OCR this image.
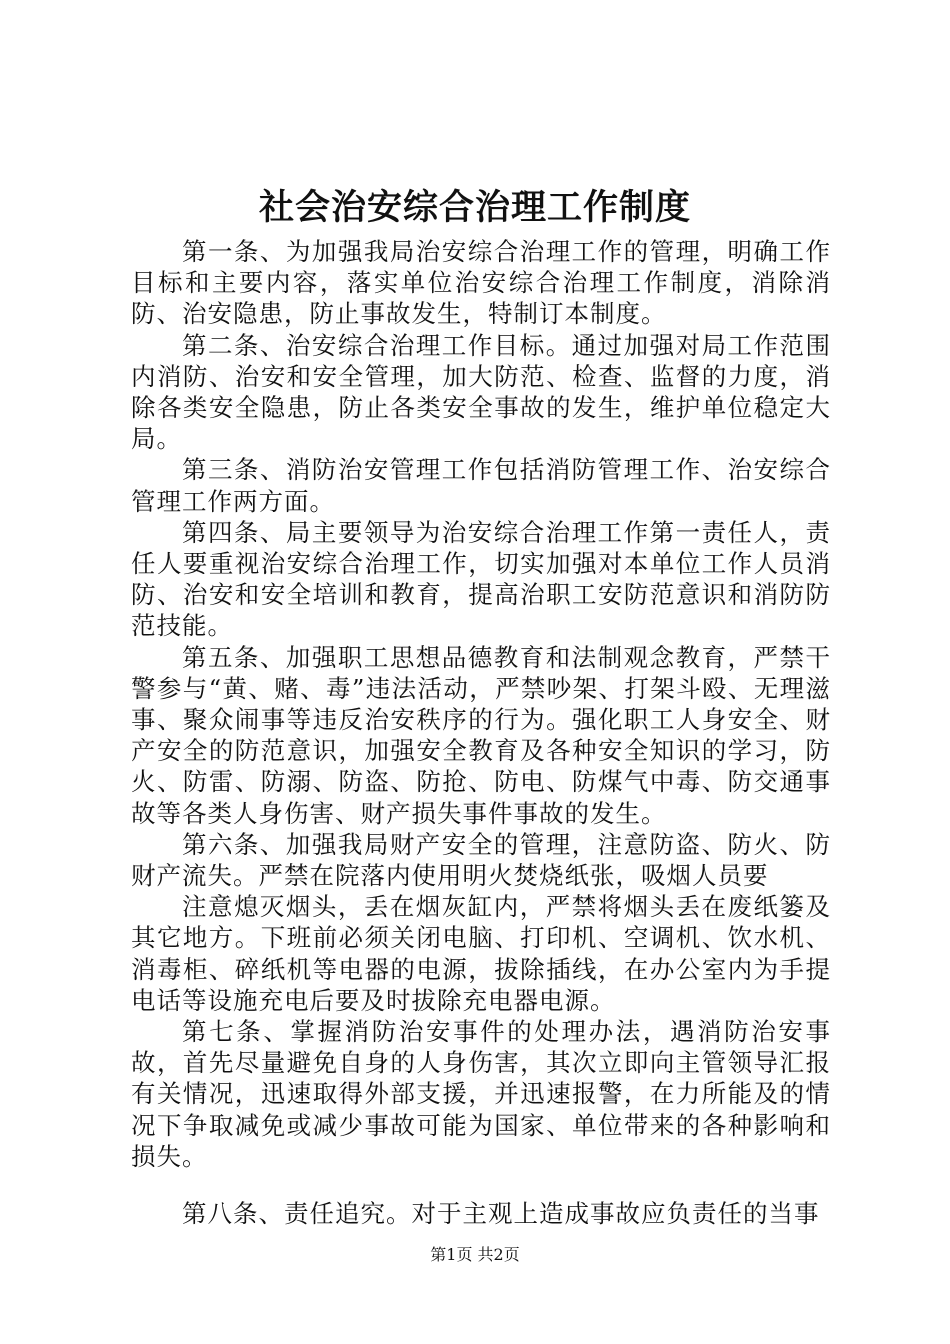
社会治安综合治理工作制度

第一条、为加强我局治安综合治理工作的管理，明确工作目标和主要内容，落实单位治安综合治理工作制度，消除消防、治安隐患，防止事故发生，特制订本制度。

第二条、治安综合治理工作目标。通过加强对局工作范围内消防、治安和安全管理，加大防范、检查、监督的力度，消除各类安全隐患，防止各类安全事故的发生，维护单位稳定大局。

第三条、消防治安管理工作包括消防管理工作、治安综合管理工作两方面。

第四条、局主要领导为治安综合治理工作第一责任人，责任人要重视治安综合治理工作，切实加强对本单位工作人员消防、治安和安全培训和教育，提高治职工安防范意识和消防防范技能。

第五条、加强职工思想品德教育和法制观念教育，严禁干警参与“黄、赌、毒”违法活动，严禁吵架、打架斗殴、无理滋事、聚众闹事等违反治安秩序的行为。强化职工人身安全、财产安全的防范意识，加强安全教育及各种安全知识的学习，防火、防雷、防溺、防盗、防抢、防电、防煤气中毒、防交通事故等各类人身伤害、财产损失事件事故的发生。

第六条、加强我局财产安全的管理，注意防盗、防火、防财产流失。严禁在院落内使用明火焚烧纸张，吸烟人员要

注意熄灭烟头，丢在烟灰缸内，严禁将烟头丢在废纸篓及其它地方。下班前必须关闭电脑、打印机、空调机、饮水机、消毒柜、碎纸机等电器的电源，拔除插线，在办公室内为手提电话等设施充电后要及时拔除充电器电源。

第七条、掌握消防治安事件的处理办法，遇消防治安事故，首先尽量避免自身的人身伤害，其次立即向主管领导汇报有关情况，迅速取得外部支援，并迅速报警，在力所能及的情况下争取减免或减少事故可能为国家、单位带来的各种影响和损失。

第八条、责任追究。对于主观上造成事故应负责任的当事

第1页 共2页
